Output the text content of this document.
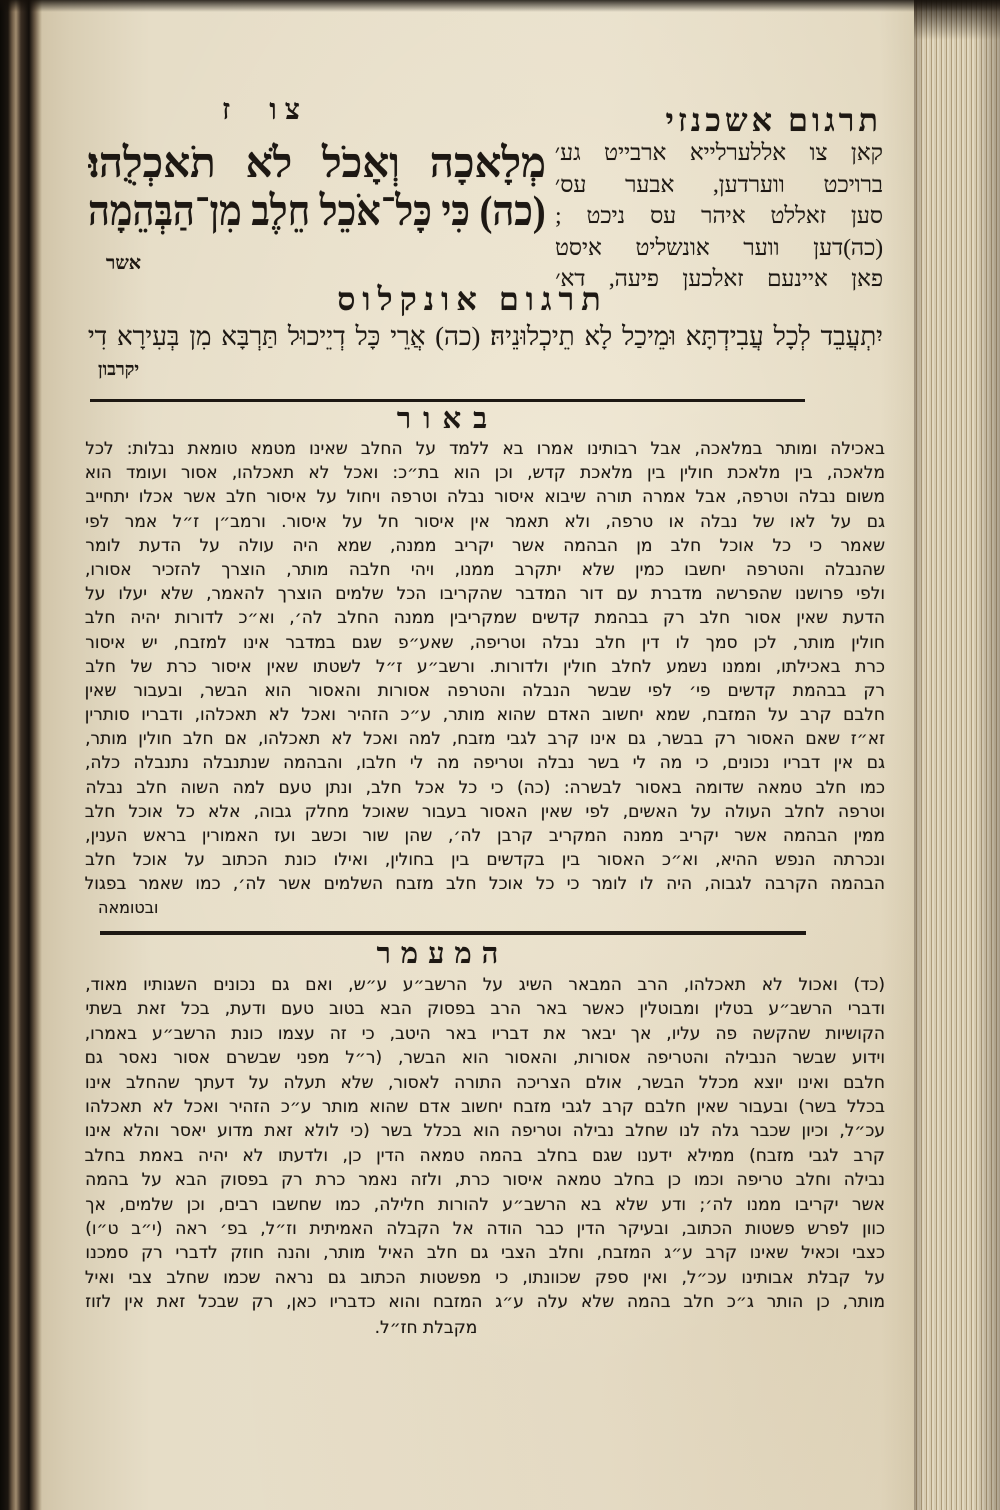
תרגום אשכנזי
צו ז
מְלָאכָה וְאָכֹל לֹא תֹאכְלֻהוּ׃
(כה) כִּי כָּל־אֹכֵל חֵלֶב מִן־הַבְּהֵמָה
אשר
קאן צו אללערלייא ארבייט גע׳
ברויכט ווערדען, אבער עס׳
סען זאללט איהר עס ניכט ;
(כה)דען ווער אונשליט איסט
פאן איינעם זאלכען פיעה, דא׳
תרגום אונקלוס
יִתְעֲבֵד לְכָל עֲבִידְתָּא וּמֵיכַל לָא תֵיכְלוּנֵיהּ׃ (כה) אֲרֵי כָּל דְיֵיכוּל תַּרְבָּא מִן בְּעִירָא דִי
יקרבון
באור
באכילה ומותר במלאכה, אבל רבותינו אמרו בא ללמד על החלב שאינו מטמא טומאת נבלות: לכל
מלאכה, בין מלאכת חולין בין מלאכת קדש, וכן הוא בת״כ: ואכל לא תאכלהו, אסור ועומד הוא
משום נבלה וטרפה, אבל אמרה תורה שיבוא איסור נבלה וטרפה ויחול על איסור חלב אשר אכלו יתחייב
גם על לאו של נבלה או טרפה, ולא תאמר אין איסור חל על איסור. ורמב״ן ז״ל אמר לפי
שאמר כי כל אוכל חלב מן הבהמה אשר יקריב ממנה, שמא היה עולה על הדעת לומר
שהנבלה והטרפה יחשבו כמין שלא יתקרב ממנו, ויהי חלבה מותר, הוצרך להזכיר אסורו,
ולפי פרושנו שהפרשה מדברת עם דור המדבר שהקריבו הכל שלמים הוצרך להאמר, שלא יעלו על
הדעת שאין אסור חלב רק בבהמת קדשים שמקריבין ממנה החלב לה׳, וא״כ לדורות יהיה חלב
חולין מותר, לכן סמך לו דין חלב נבלה וטריפה, שאע״פ שגם במדבר אינו למזבח, יש איסור
כרת באכילתו, וממנו נשמע לחלב חולין ולדורות. ורשב״ע ז״ל לשטתו שאין איסור כרת של חלב
רק בבהמת קדשים פי׳ לפי שבשר הנבלה והטרפה אסורות והאסור הוא הבשר, ובעבור שאין
חלבם קרב על המזבח, שמא יחשוב האדם שהוא מותר, ע״כ הזהיר ואכל לא תאכלהו, ודבריו סותרין
זא״ז שאם האסור רק בבשר, גם אינו קרב לגבי מזבח, למה ואכל לא תאכלהו, אם חלב חולין מותר,
גם אין דבריו נכונים, כי מה לי בשר נבלה וטריפה מה לי חלבו, והבהמה שנתנבלה נתנבלה כלה,
כמו חלב טמאה שדומה באסור לבשרה: (כה) כי כל אכל חלב, ונתן טעם למה השוה חלב נבלה
וטרפה לחלב העולה על האשים, לפי שאין האסור בעבור שאוכל מחלק גבוה, אלא כל אוכל חלב
ממין הבהמה אשר יקריב ממנה המקריב קרבן לה׳, שהן שור וכשב ועז האמורין בראש הענין,
ונכרתה הנפש ההיא, וא״כ האסור בין בקדשים בין בחולין, ואילו כונת הכתוב על אוכל חלב
הבהמה הקרבה לגבוה, היה לו לומר כי כל אוכל חלב מזבח השלמים אשר לה׳, כמו שאמר בפגול
ובטומאה
המעמר
(כד) ואכול לא תאכלהו, הרב המבאר השיג על הרשב״ע ע״ש, ואם גם נכונים השגותיו מאוד,
ודברי הרשב״ע בטלין ומבוטלין כאשר באר הרב בפסוק הבא בטוב טעם ודעת, בכל זאת בשתי
הקושיות שהקשה פה עליו, אך יבאר את דבריו באר היטב, כי זה עצמו כונת הרשב״ע באמרו,
וידוע שבשר הנבילה והטריפה אסורות, והאסור הוא הבשר, (ר״ל מפני שבשרם אסור נאסר גם
חלבם ואינו יוצא מכלל הבשר, אולם הצריכה התורה לאסור, שלא תעלה על דעתך שהחלב אינו
בכלל בשר) ובעבור שאין חלבם קרב לגבי מזבח יחשוב אדם שהוא מותר ע״כ הזהיר ואכל לא תאכלהו
עכ״ל, וכיון שכבר גלה לנו שחלב נבילה וטריפה הוא בכלל בשר (כי לולא זאת מדוע יאסר והלא אינו
קרב לגבי מזבח) ממילא ידענו שגם בחלב בהמה טמאה הדין כן, ולדעתו לא יהיה באמת בחלב
נבילה וחלב טריפה וכמו כן בחלב טמאה איסור כרת, ולזה נאמר כרת רק בפסוק הבא על בהמה
אשר יקריבו ממנו לה׳; ודע שלא בא הרשב״ע להורות חלילה, כמו שחשבו רבים, וכן שלמים, אך
כוון לפרש פשטות הכתוב, ובעיקר הדין כבר הודה אל הקבלה האמיתית וז״ל, בפ׳ ראה (י״ב ט״ו)
כצבי וכאיל שאינו קרב ע״ג המזבח, וחלב הצבי גם חלב האיל מותר, והנה חוזק לדברי רק סמכנו
על קבלת אבותינו עכ״ל, ואין ספק שכוונתו, כי מפשטות הכתוב גם נראה שכמו שחלב צבי ואיל
מותר, כן הותר ג״כ חלב בהמה שלא עלה ע״ג המזבח והוא כדבריו כאן, רק שבכל זאת אין לזוז
מקבלת חז״ל.
